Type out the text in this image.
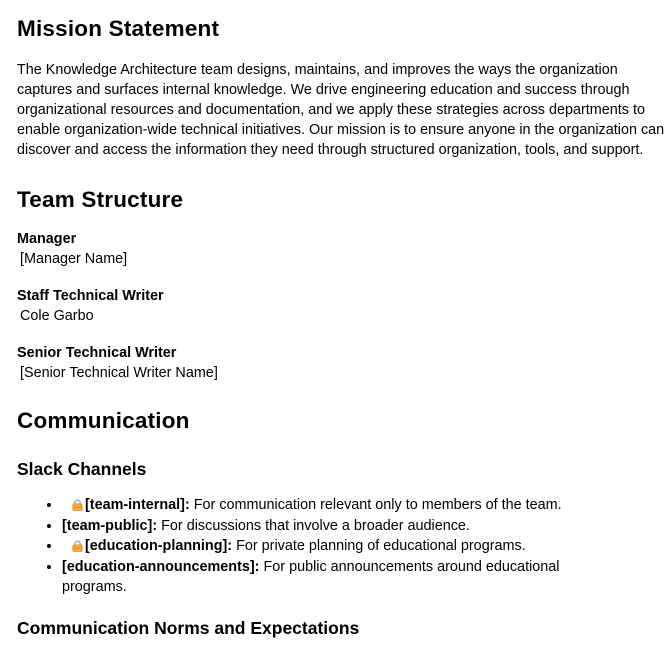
Mission Statement

The Knowledge Architecture team designs, maintains, and improves the ways the organization captures and surfaces internal knowledge. We drive engineering education and success through organizational resources and documentation, and we apply these strategies across departments to enable organization-wide technical initiatives. Our mission is to ensure anyone in the organization can discover and access the information they need through structured organization, tools, and support.

Team Structure
Manager
[Manager Name]
Staff Technical Writer
Cole Garbo
Senior Technical Writer
[Senior Technical Writer Name]
Communication
Slack Channels
• [team-internal]: For communication relevant only to members of the team.
• [team-public]: For discussions that involve a broader audience.
• [education-planning]: For private planning of educational programs.
• [education-announcements]: For public announcements around educational programs.
Communication Norms and Expectations
